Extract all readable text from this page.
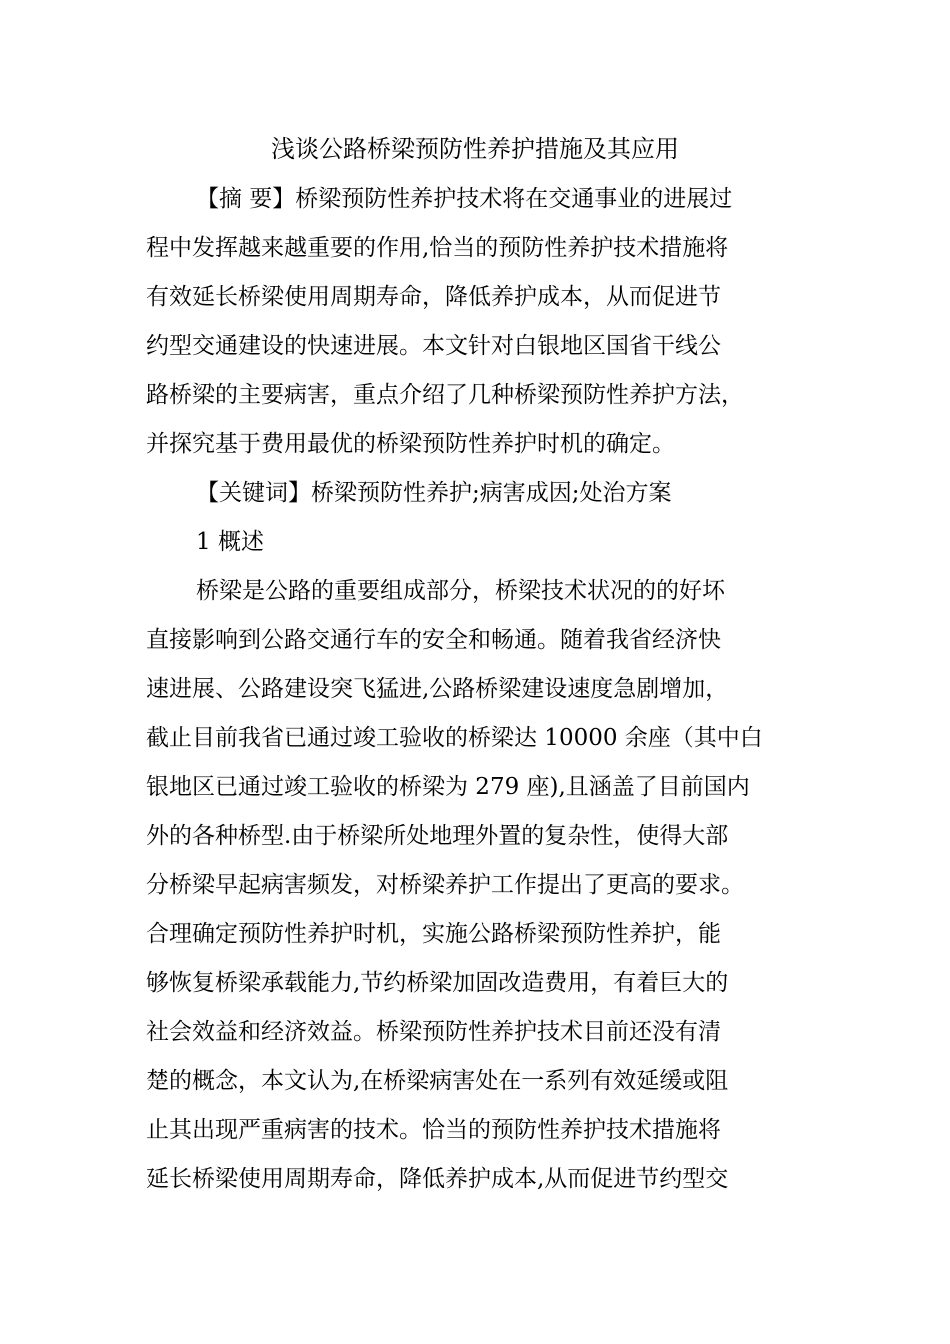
浅谈公路桥梁预防性养护措施及其应用

【摘 要】桥梁预防性养护技术将在交通事业的进展过

程中发挥越来越重要的作用,恰当的预防性养护技术措施将

有效延长桥梁使用周期寿命，降低养护成本，从而促进节

约型交通建设的快速进展。本文针对白银地区国省干线公

路桥梁的主要病害，重点介绍了几种桥梁预防性养护方法，

并探究基于费用最优的桥梁预防性养护时机的确定。

【关键词】桥梁预防性养护;病害成因;处治方案

1 概述

桥梁是公路的重要组成部分，桥梁技术状况的的好坏

直接影响到公路交通行车的安全和畅通。随着我省经济快

速进展、公路建设突飞猛进,公路桥梁建设速度急剧增加，

截止目前我省已通过竣工验收的桥梁达 10000 余座（其中白

银地区已通过竣工验收的桥梁为 279 座),且涵盖了目前国内

外的各种桥型.由于桥梁所处地理外置的复杂性，使得大部

分桥梁早起病害频发，对桥梁养护工作提出了更高的要求。

合理确定预防性养护时机，实施公路桥梁预防性养护，能

够恢复桥梁承载能力,节约桥梁加固改造费用，有着巨大的

社会效益和经济效益。桥梁预防性养护技术目前还没有清

楚的概念，本文认为,在桥梁病害处在一系列有效延缓或阻

止其出现严重病害的技术。恰当的预防性养护技术措施将

延长桥梁使用周期寿命，降低养护成本,从而促进节约型交
